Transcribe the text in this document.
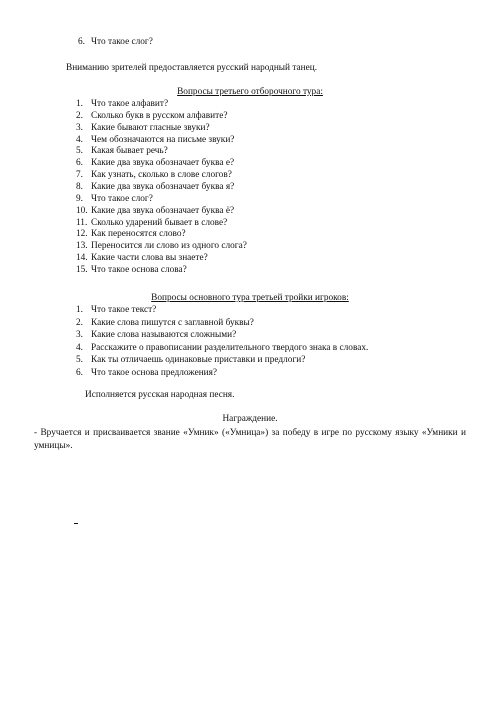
6. Что такое слог?
Вниманию зрителей предоставляется русский народный танец.
Вопросы третьего отборочного тура:
1. Что такое алфавит?
2. Сколько букв в русском алфавите?
3. Какие бывают гласные звуки?
4. Чем обозначаются на письме звуки?
5. Какая бывает речь?
6. Какие два звука обозначает буква е?
7. Как узнать, сколько в слове слогов?
8. Какие два звука обозначает буква я?
9. Что такое слог?
10. Какие два звука обозначает буква ё?
11. Сколько ударений бывает в слове?
12. Как переносятся слово?
13. Переносится ли слово из одного слога?
14. Какие части слова вы знаете?
15. Что такое основа слова?
Вопросы основного тура третьей тройки игроков:
1. Что такое текст?
2. Какие слова пишутся с заглавной буквы?
3. Какие слова называются сложными?
4. Расскажите о правописании разделительного твердого знака в словах.
5. Как ты отличаешь одинаковые приставки и предлоги?
6. Что такое основа предложения?
Исполняется русская народная песня.
Награждение.
- Вручается и присваивается звание «Умник» («Умница») за победу в игре по русскому языку «Умники и умницы».
